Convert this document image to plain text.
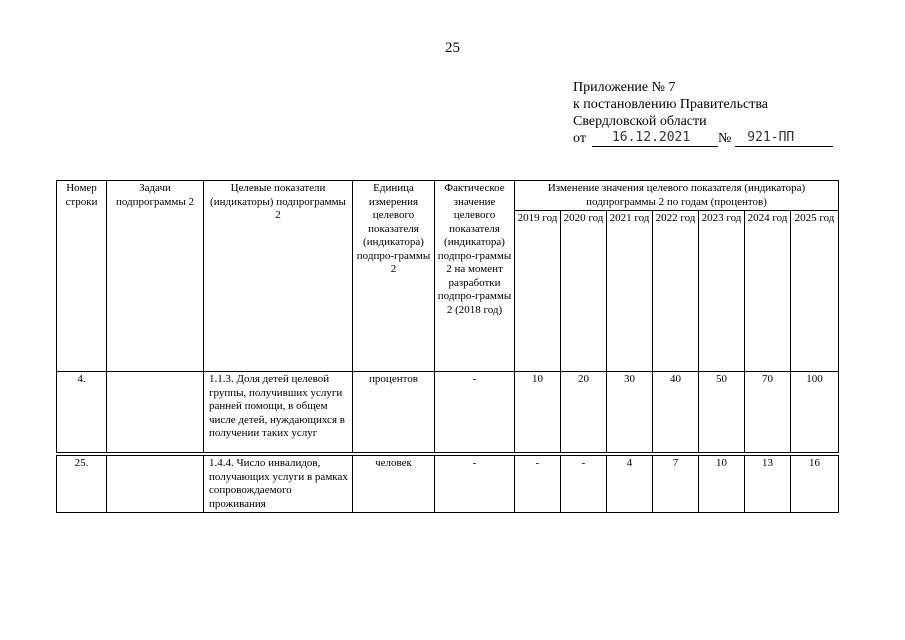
25
Приложение № 7
к постановлению Правительства
Свердловской области
от 16.12.2021 № 921-ПП
Номер строки	Задачи подпрограммы 2	Целевые показатели (индикаторы) подпрограммы 2	Единица измерения целевого показателя (индикатора) подпро-граммы 2	Фактическое значение целевого показателя (индикатора) подпро-граммы 2 на момент разработки подпро-граммы 2 (2018 год)	Изменение значения целевого показателя (индикатора) подпрограммы 2 по годам (процентов)						
					2019 год	2020 год	2021 год	2022 год	2023 год	2024 год	2025 год
4.		1.1.3. Доля детей целевой группы, получивших услуги ранней помощи, в общем числе детей, нуждающихся в получении таких услуг	процентов	-	10	20	30	40	50	70	100

25.		1.4.4. Число инвалидов, получающих услуги в рамках сопровождаемого проживания	человек	-	-	-	4	7	10	13	16
